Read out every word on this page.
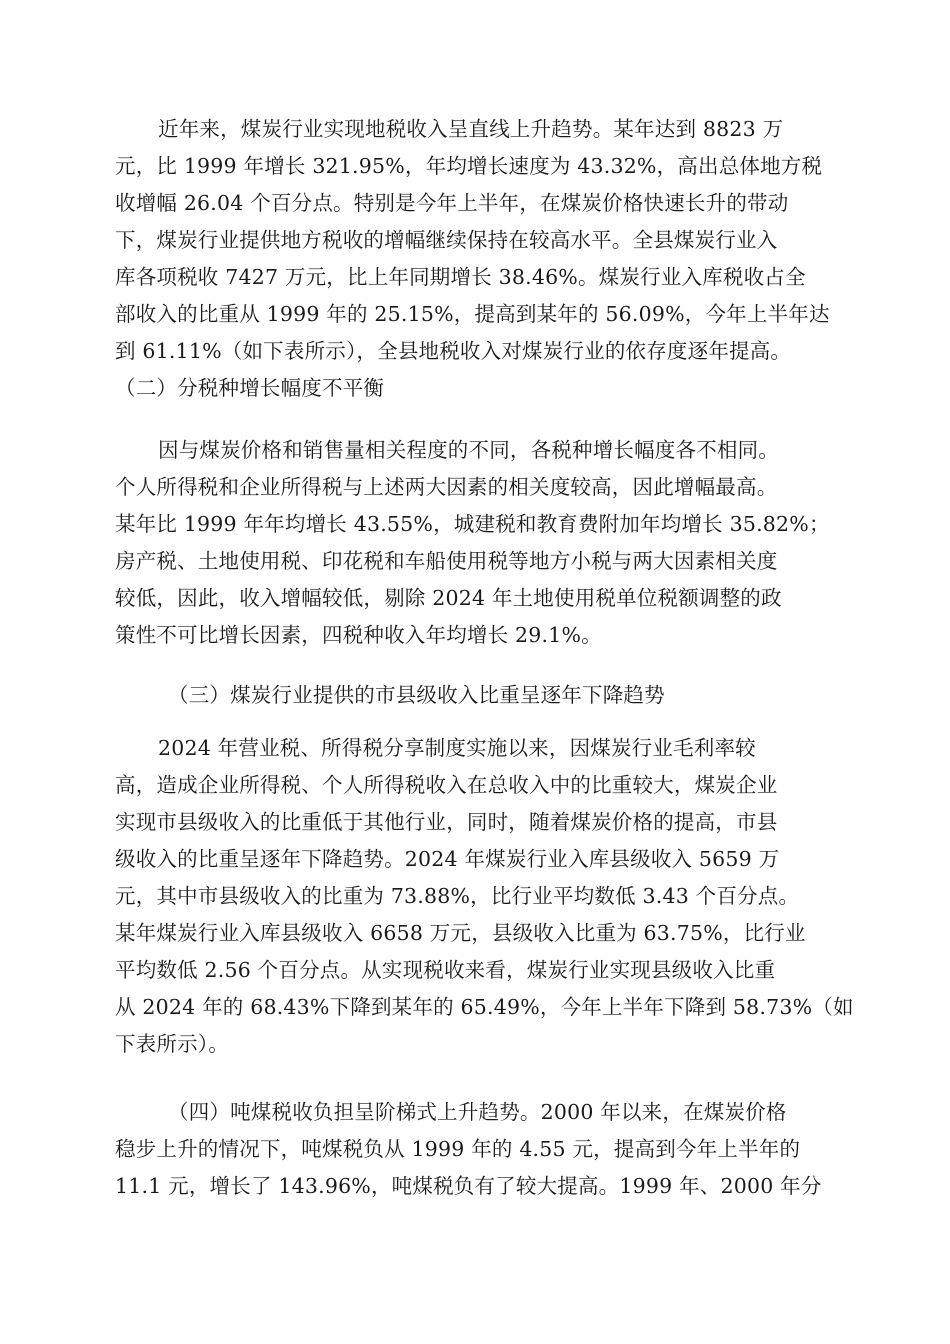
近年来，煤炭行业实现地税收入呈直线上升趋势。某年达到 8823 万
元，比 1999 年增长 321.95%，年均增长速度为 43.32%，高出总体地方税
收增幅 26.04 个百分点。特别是今年上半年，在煤炭价格快速长升的带动
下，煤炭行业提供地方税收的增幅继续保持在较高水平。全县煤炭行业入
库各项税收 7427 万元，比上年同期增长 38.46%。煤炭行业入库税收占全
部收入的比重从 1999 年的 25.15%，提高到某年的 56.09%，今年上半年达
到 61.11%（如下表所示），全县地税收入对煤炭行业的依存度逐年提高。
（二）分税种增长幅度不平衡
因与煤炭价格和销售量相关程度的不同，各税种增长幅度各不相同。
个人所得税和企业所得税与上述两大因素的相关度较高，因此增幅最高。
某年比 1999 年年均增长 43.55%，城建税和教育费附加年均增长 35.82%；
房产税、土地使用税、印花税和车船使用税等地方小税与两大因素相关度
较低，因此，收入增幅较低，剔除 2024 年土地使用税单位税额调整的政
策性不可比增长因素，四税种收入年均增长 29.1%。
（三）煤炭行业提供的市县级收入比重呈逐年下降趋势
2024 年营业税、所得税分享制度实施以来，因煤炭行业毛利率较
高，造成企业所得税、个人所得税收入在总收入中的比重较大，煤炭企业
实现市县级收入的比重低于其他行业，同时，随着煤炭价格的提高，市县
级收入的比重呈逐年下降趋势。2024 年煤炭行业入库县级收入 5659 万
元，其中市县级收入的比重为 73.88%，比行业平均数低 3.43 个百分点。
某年煤炭行业入库县级收入 6658 万元，县级收入比重为 63.75%，比行业
平均数低 2.56 个百分点。从实现税收来看，煤炭行业实现县级收入比重
从 2024 年的 68.43%下降到某年的 65.49%，今年上半年下降到 58.73%（如
下表所示）。
（四）吨煤税收负担呈阶梯式上升趋势。2000 年以来，在煤炭价格
稳步上升的情况下，吨煤税负从 1999 年的 4.55 元，提高到今年上半年的
11.1 元，增长了 143.96%，吨煤税负有了较大提高。1999 年、2000 年分
